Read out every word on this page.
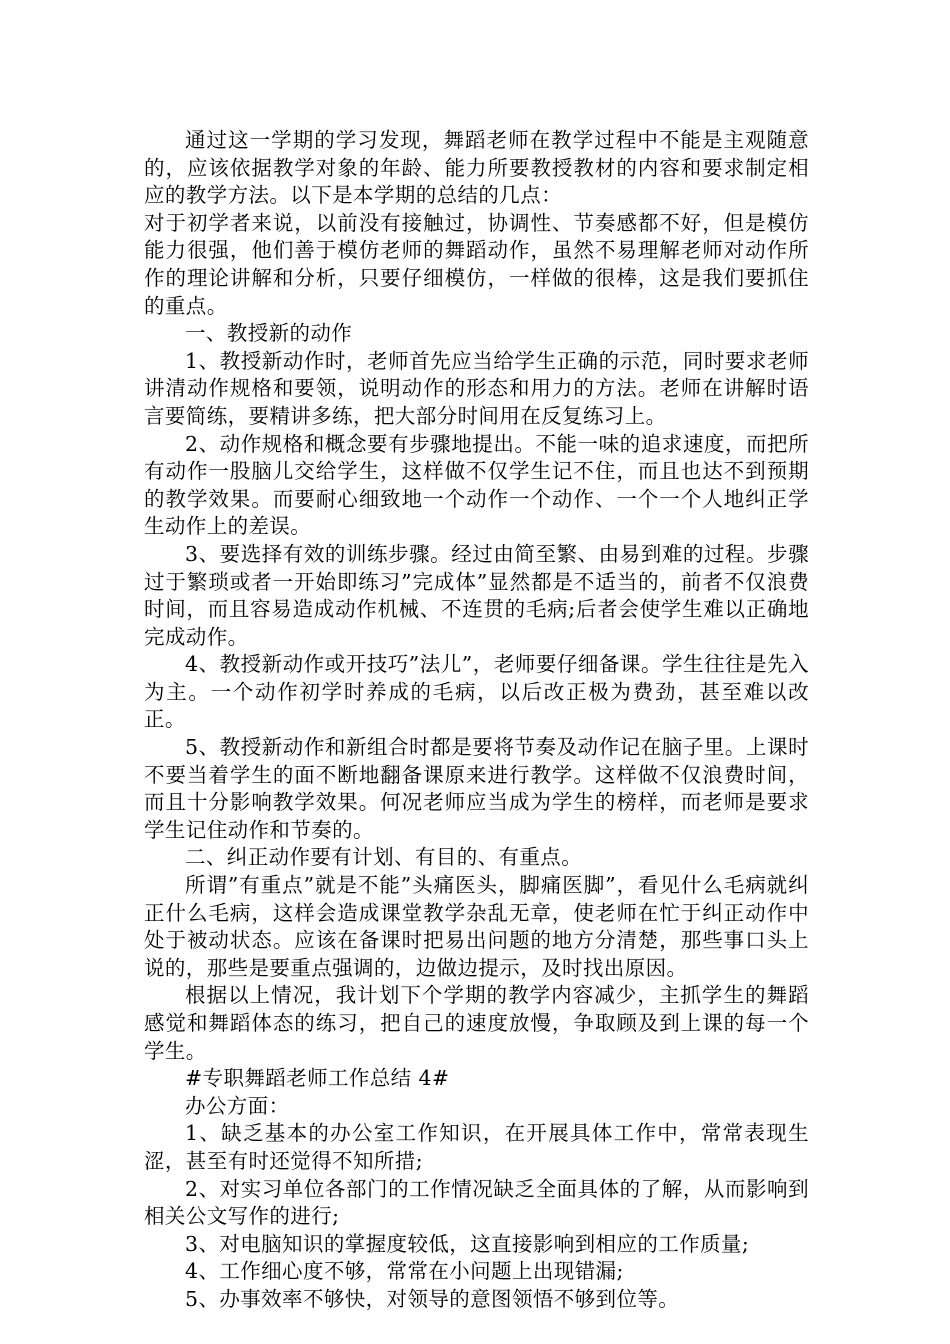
通过这一学期的学习发现，舞蹈老师在教学过程中不能是主观随意的，应该依据教学对象的年龄、能力所要教授教材的内容和要求制定相应的教学方法。以下是本学期的总结的几点：

对于初学者来说，以前没有接触过，协调性、节奏感都不好，但是模仿能力很强，他们善于模仿老师的舞蹈动作，虽然不易理解老师对动作所作的理论讲解和分析，只要仔细模仿，一样做的很棒，这是我们要抓住的重点。

一、教授新的动作

1、教授新动作时，老师首先应当给学生正确的示范，同时要求老师讲清动作规格和要领，说明动作的形态和用力的方法。老师在讲解时语言要简练，要精讲多练，把大部分时间用在反复练习上。

2、动作规格和概念要有步骤地提出。不能一味的追求速度，而把所有动作一股脑儿交给学生，这样做不仅学生记不住，而且也达不到预期的教学效果。而要耐心细致地一个动作一个动作、一个一个人地纠正学生动作上的差误。

3、要选择有效的训练步骤。经过由简至繁、由易到难的过程。步骤过于繁琐或者一开始即练习”完成体”显然都是不适当的，前者不仅浪费时间，而且容易造成动作机械、不连贯的毛病;后者会使学生难以正确地完成动作。

4、教授新动作或开技巧”法儿”，老师要仔细备课。学生往往是先入为主。一个动作初学时养成的毛病，以后改正极为费劲，甚至难以改正。

5、教授新动作和新组合时都是要将节奏及动作记在脑子里。上课时不要当着学生的面不断地翻备课原来进行教学。这样做不仅浪费时间，而且十分影响教学效果。何况老师应当成为学生的榜样，而老师是要求学生记住动作和节奏的。

二、纠正动作要有计划、有目的、有重点。

所谓”有重点”就是不能”头痛医头，脚痛医脚”，看见什么毛病就纠正什么毛病，这样会造成课堂教学杂乱无章，使老师在忙于纠正动作中处于被动状态。应该在备课时把易出问题的地方分清楚，那些事口头上说的，那些是要重点强调的，边做边提示，及时找出原因。

根据以上情况，我计划下个学期的教学内容减少，主抓学生的舞蹈感觉和舞蹈体态的练习，把自己的速度放慢，争取顾及到上课的每一个学生。

#专职舞蹈老师工作总结 4#

办公方面：

1、缺乏基本的办公室工作知识，在开展具体工作中，常常表现生涩，甚至有时还觉得不知所措;

2、对实习单位各部门的工作情况缺乏全面具体的了解，从而影响到相关公文写作的进行;

3、对电脑知识的掌握度较低，这直接影响到相应的工作质量;

4、工作细心度不够，常常在小问题上出现错漏;

5、办事效率不够快，对领导的意图领悟不够到位等。
